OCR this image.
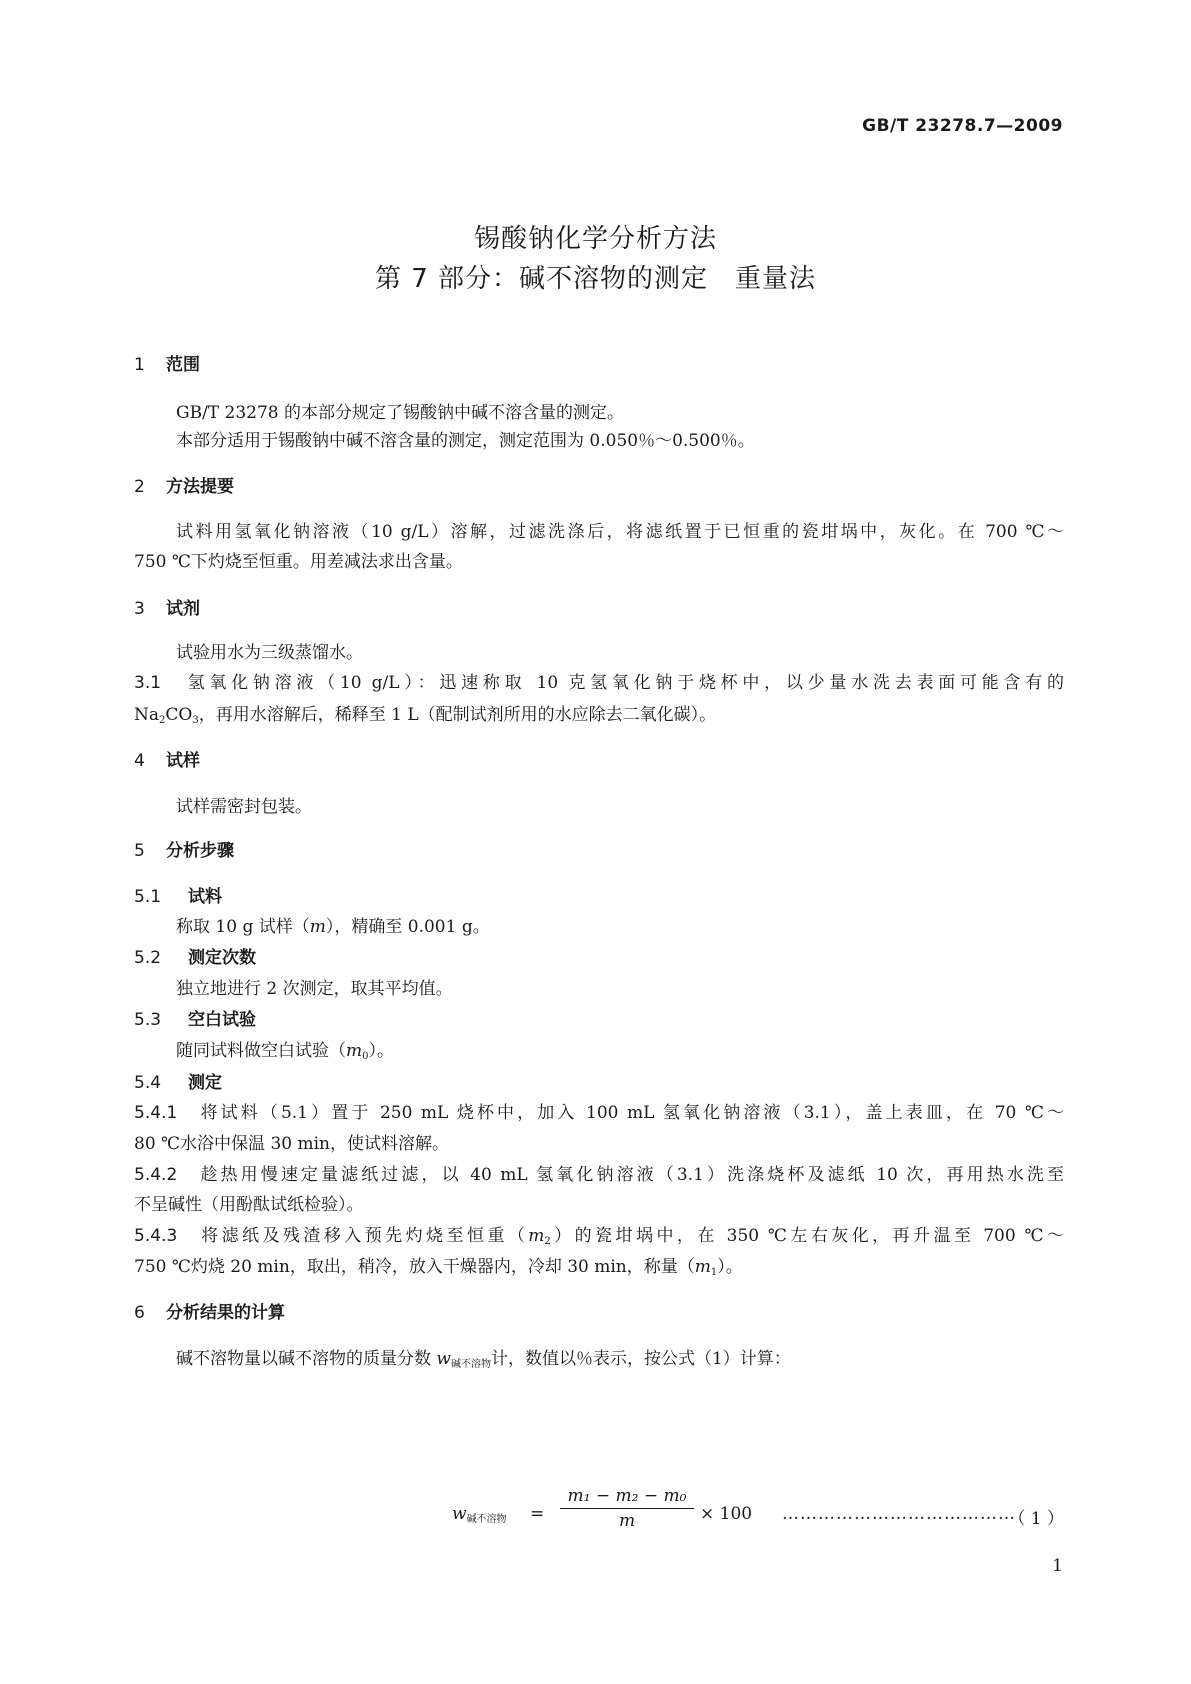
GB/T 23278.7—2009
锡酸钠化学分析方法
第 7 部分：碱不溶物的测定　重量法
1 范围
GB/T 23278 的本部分规定了锡酸钠中碱不溶含量的测定。
本部分适用于锡酸钠中碱不溶含量的测定，测定范围为 0.050％～0.500％。
2 方法提要
试料用氢氧化钠溶液（10 g/L）溶解，过滤洗涤后，将滤纸置于已恒重的瓷坩埚中，灰化。在 700 ℃～
750 ℃下灼烧至恒重。用差减法求出含量。
3 试剂
试验用水为三级蒸馏水。
3.1　 氢氧化钠溶液（10 g/L）：迅速称取 10 克氢氧化钠于烧杯中，以少量水洗去表面可能含有的
$Na_2CO_3$，再用水溶解后，稀释至 1 L（配制试剂所用的水应除去二氧化碳）。
4 试样
试样需密封包装。
5 分析步骤
5.1 试料
称取 10 g 试样（m），精确至 0.001 g。
5.2 测定次数
独立地进行 2 次测定，取其平均值。
5.3 空白试验
随同试料做空白试验$(m_0)$。
5.4 测定
5.4.1　 将试料（5.1）置于 250 mL 烧杯中，加入 100 mL 氢氧化钠溶液（3.1），盖上表皿，在 70 ℃～
80 ℃水浴中保温 30 min，使试料溶解。
5.4.2　 趁热用慢速定量滤纸过滤，以 40 mL 氢氧化钠溶液（3.1）洗涤烧杯及滤纸 10 次，再用热水洗至
不呈碱性（用酚酞试纸检验）。
5.4.3　 将滤纸及残渣移入预先灼烧至恒重$(m_2)$的瓷坩埚中，在 350 ℃左右灰化，再升温至 700 ℃～
750 ℃灼烧 20 min，取出，稍冷，放入干燥器内，冷却 30 min，称量$(m_1)$。
6 分析结果的计算
碱不溶物量以碱不溶物的质量分数 $w_{碱不溶物}$计，数值以％表示，按公式（1）计算：
$w_{碱不溶物}$ =
m₁ − m₂ − m₀
m	× 100 …………………………………
（ 1 ）
1
